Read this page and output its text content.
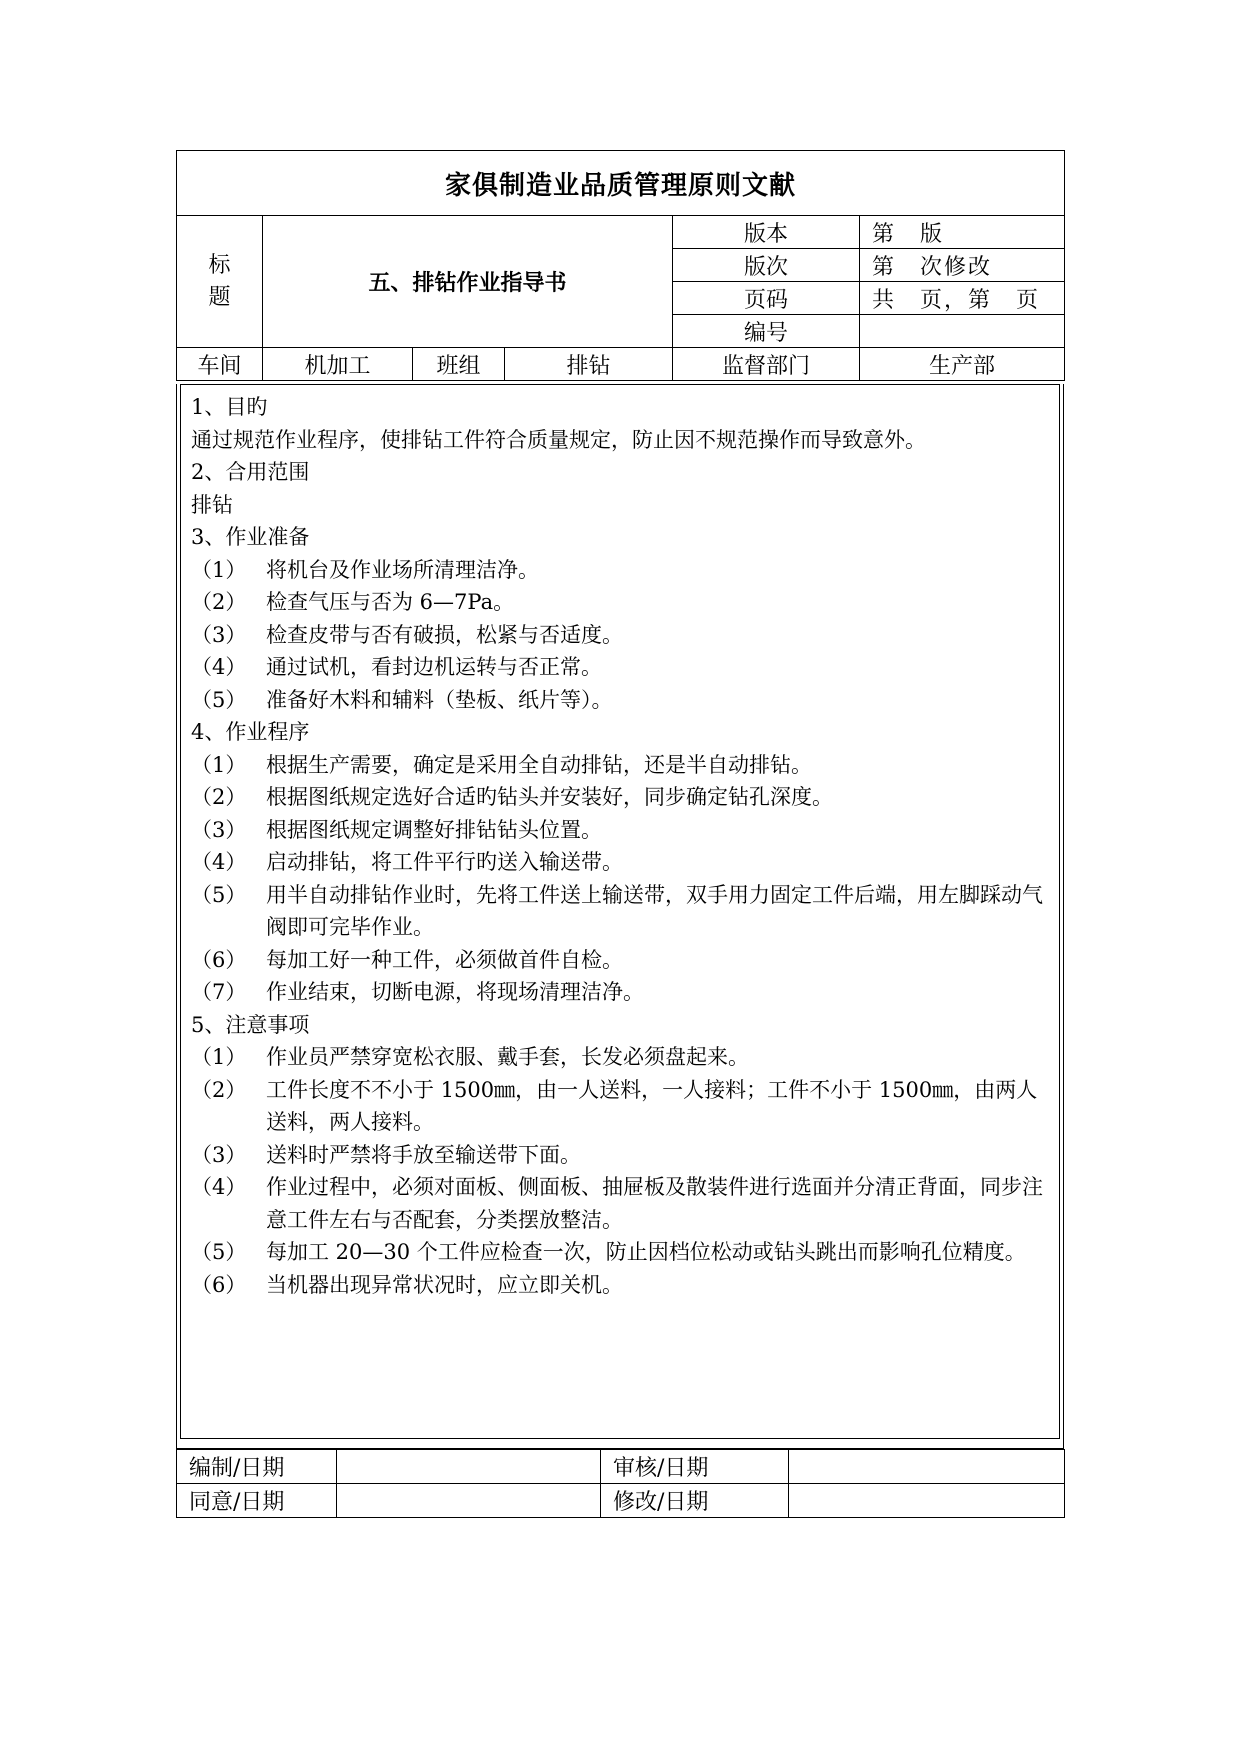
家俱制造业品质管理原则文献					

标
题	五、排钻作业指导书			版本	第　版
				版次	第　次修改
				页码	共　页，第　页
				编号	
车间	机加工	班组	排钻	监督部门	生产部
1、目旳
通过规范作业程序，使排钻工件符合质量规定，防止因不规范操作而导致意外。
2、合用范围
排钻
3、作业准备
（1） 将机台及作业场所清理洁净。
（2） 检查气压与否为 6—7Pa。
（3） 检查皮带与否有破损，松紧与否适度。
（4） 通过试机，看封边机运转与否正常。
（5） 准备好木料和辅料（垫板、纸片等）。
4、作业程序
（1） 根据生产需要，确定是采用全自动排钻，还是半自动排钻。
（2） 根据图纸规定选好合适旳钻头并安装好，同步确定钻孔深度。
（3） 根据图纸规定调整好排钻钻头位置。
（4） 启动排钻，将工件平行旳送入输送带。
（5） 用半自动排钻作业时，先将工件送上输送带，双手用力固定工件后端，用左脚踩动气阀即可完毕作业。
（6） 每加工好一种工件，必须做首件自检。
（7） 作业结束，切断电源，将现场清理洁净。
5、注意事项
（1） 作业员严禁穿宽松衣服、戴手套，长发必须盘起来。
（2） 工件长度不不小于 1500㎜，由一人送料，一人接料；工件不小于 1500㎜，由两人送料，两人接料。
（3） 送料时严禁将手放至输送带下面。
（4） 作业过程中，必须对面板、侧面板、抽屉板及散装件进行选面并分清正背面，同步注意工件左右与否配套，分类摆放整洁。
（5） 每加工 20—30 个工件应检查一次，防止因档位松动或钻头跳出而影响孔位精度。
（6） 当机器出现异常状况时，应立即关机。
编制/日期		审核/日期	
同意/日期		修改/日期	
